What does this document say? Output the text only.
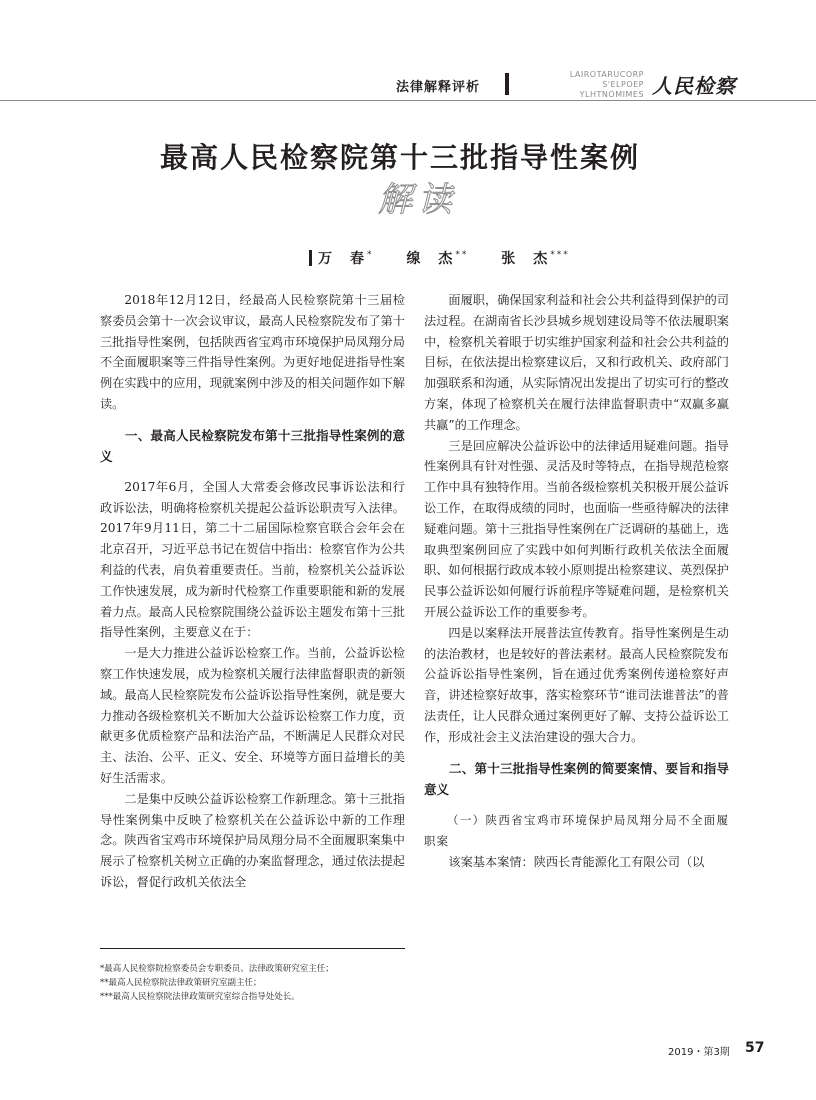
法律解释评析
LAIROTARUCORP S'ELPOEP
YLHTNOMIMES 人民检察
最高人民检察院第十三批指导性案例
解读
万　春* 缐　杰** 张　杰***

2018年12月12日，经最高人民检察院第十三届检察委员会第十一次会议审议，最高人民检察院发布了第十三批指导性案例，包括陕西省宝鸡市环境保护局凤翔分局不全面履职案等三件指导性案例。为更好地促进指导性案例在实践中的应用，现就案例中涉及的相关问题作如下解读。

一、最高人民检察院发布第十三批指导性案例的意义

2017年6月，全国人大常委会修改民事诉讼法和行政诉讼法，明确将检察机关提起公益诉讼职责写入法律。2017年9月11日，第二十二届国际检察官联合会年会在北京召开，习近平总书记在贺信中指出：检察官作为公共利益的代表，肩负着重要责任。当前，检察机关公益诉讼工作快速发展，成为新时代检察工作重要职能和新的发展着力点。最高人民检察院围绕公益诉讼主题发布第十三批指导性案例，主要意义在于：

一是大力推进公益诉讼检察工作。当前，公益诉讼检察工作快速发展，成为检察机关履行法律监督职责的新领域。最高人民检察院发布公益诉讼指导性案例，就是要大力推动各级检察机关不断加大公益诉讼检察工作力度，贡献更多优质检察产品和法治产品，不断满足人民群众对民主、法治、公平、正义、安全、环境等方面日益增长的美好生活需求。

二是集中反映公益诉讼检察工作新理念。第十三批指导性案例集中反映了检察机关在公益诉讼中新的工作理念。陕西省宝鸡市环境保护局凤翔分局不全面履职案集中展示了检察机关树立正确的办案监督理念，通过依法提起诉讼，督促行政机关依法全

面履职，确保国家利益和社会公共利益得到保护的司法过程。在湖南省长沙县城乡规划建设局等不依法履职案中，检察机关着眼于切实维护国家利益和社会公共利益的目标，在依法提出检察建议后，又和行政机关、政府部门加强联系和沟通，从实际情况出发提出了切实可行的整改方案，体现了检察机关在履行法律监督职责中“双赢多赢共赢”的工作理念。

三是回应解决公益诉讼中的法律适用疑难问题。指导性案例具有针对性强、灵活及时等特点，在指导规范检察工作中具有独特作用。当前各级检察机关积极开展公益诉讼工作，在取得成绩的同时，也面临一些亟待解决的法律疑难问题。第十三批指导性案例在广泛调研的基础上，选取典型案例回应了实践中如何判断行政机关依法全面履职、如何根据行政成本较小原则提出检察建议、英烈保护民事公益诉讼如何履行诉前程序等疑难问题，是检察机关开展公益诉讼工作的重要参考。

四是以案释法开展普法宣传教育。指导性案例是生动的法治教材，也是较好的普法素材。最高人民检察院发布公益诉讼指导性案例，旨在通过优秀案例传递检察好声音，讲述检察好故事，落实检察环节“谁司法谁普法”的普法责任，让人民群众通过案例更好了解、支持公益诉讼工作，形成社会主义法治建设的强大合力。

二、第十三批指导性案例的简要案情、要旨和指导意义
（一）陕西省宝鸡市环境保护局凤翔分局不全面履职案

该案基本案情：陕西长青能源化工有限公司（以

*最高人民检察院检察委员会专职委员、法律政策研究室主任；
**最高人民检察院法律政策研究室副主任；
***最高人民检察院法律政策研究室综合指导处处长。
2019・第3期 57
